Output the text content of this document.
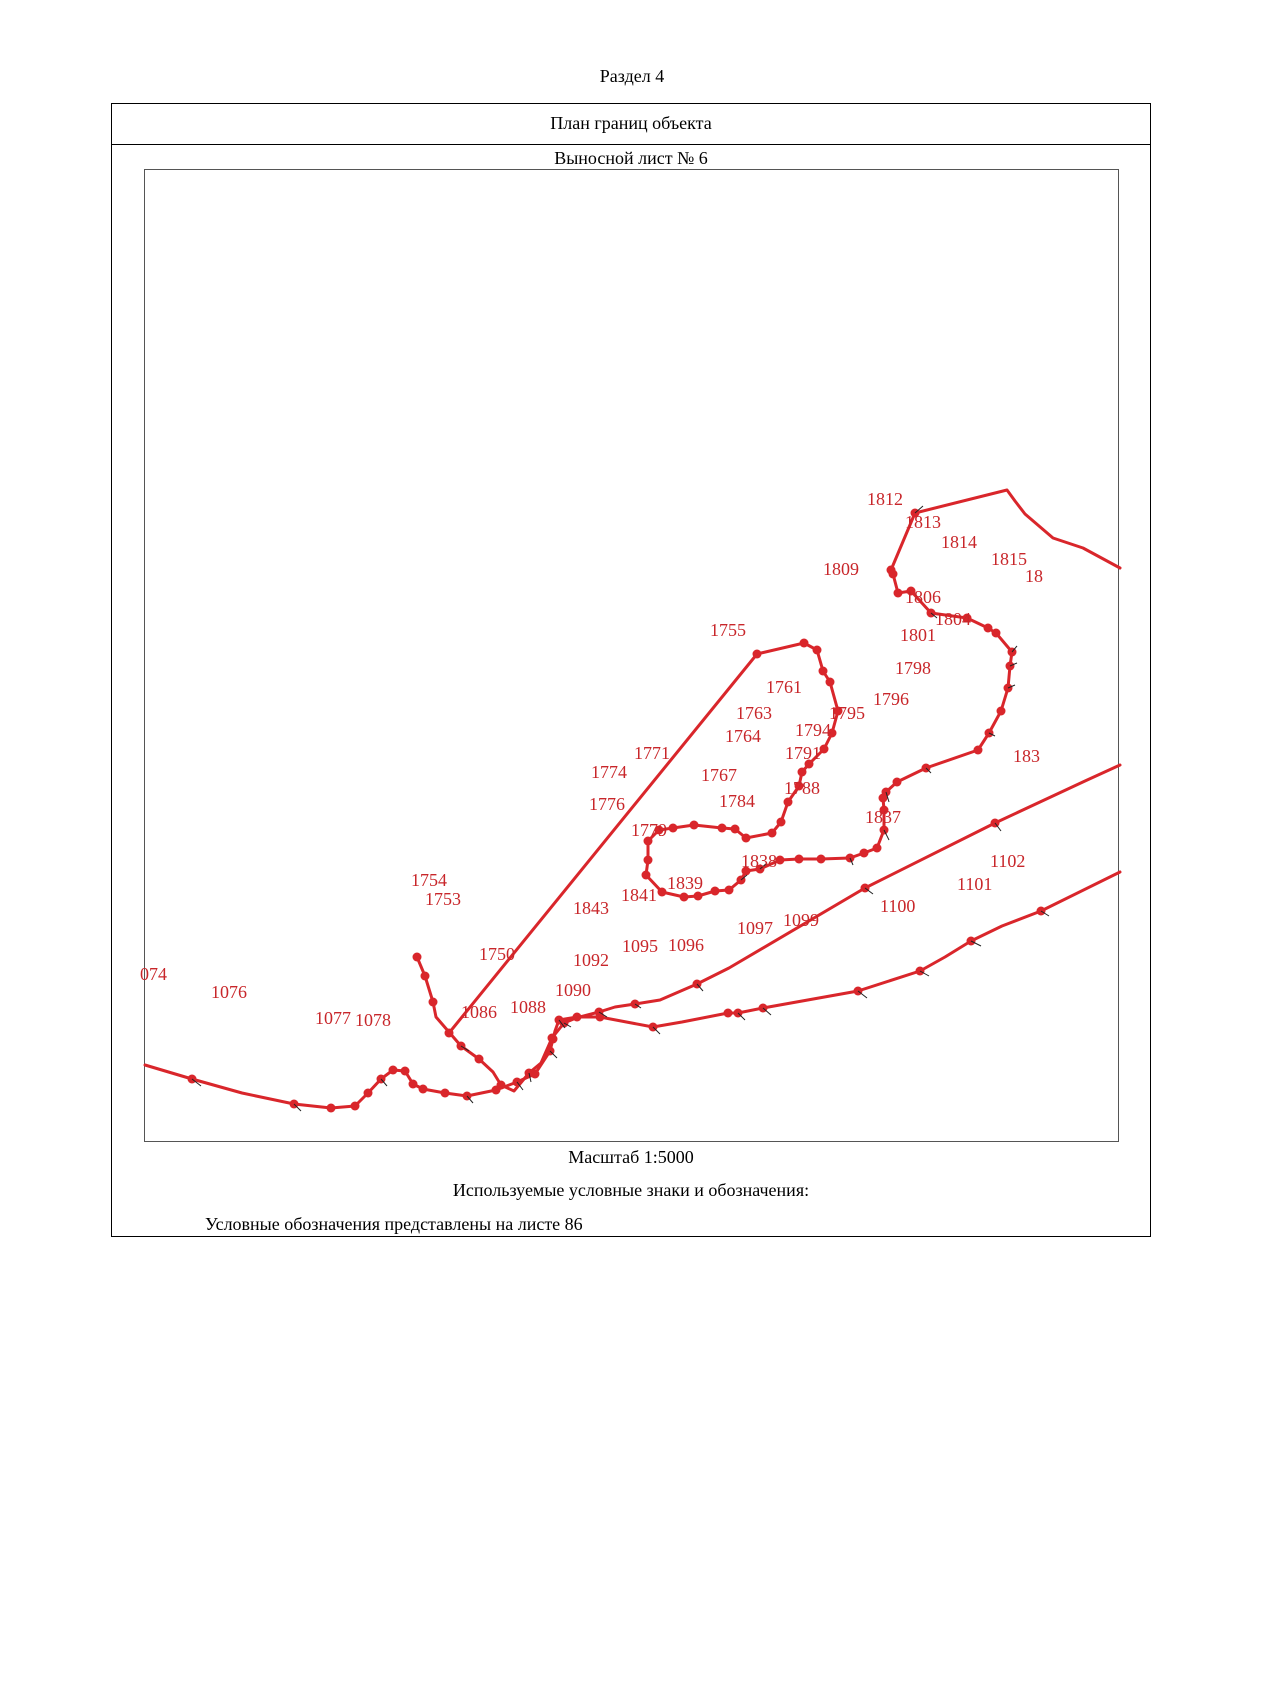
Раздел 4
План границ объекта
Выносной лист № 6
1812
1813
1814
1815
18
1809
1806
1804
1801
1798
1796
1795
1794
1791
1788
1784
1767
1764
1763
1761
1755
1771
1774
1776
1779
1754
1753
1750
1843
1841
1839
1838
1837
183
074
1076
1077 1078	1086 1088
1090
1092
1095 1096
1097 1099
1100
1101
1102
Масштаб 1:5000
Используемые условные знаки и обозначения:
Условные обозначения представлены на листе 86
